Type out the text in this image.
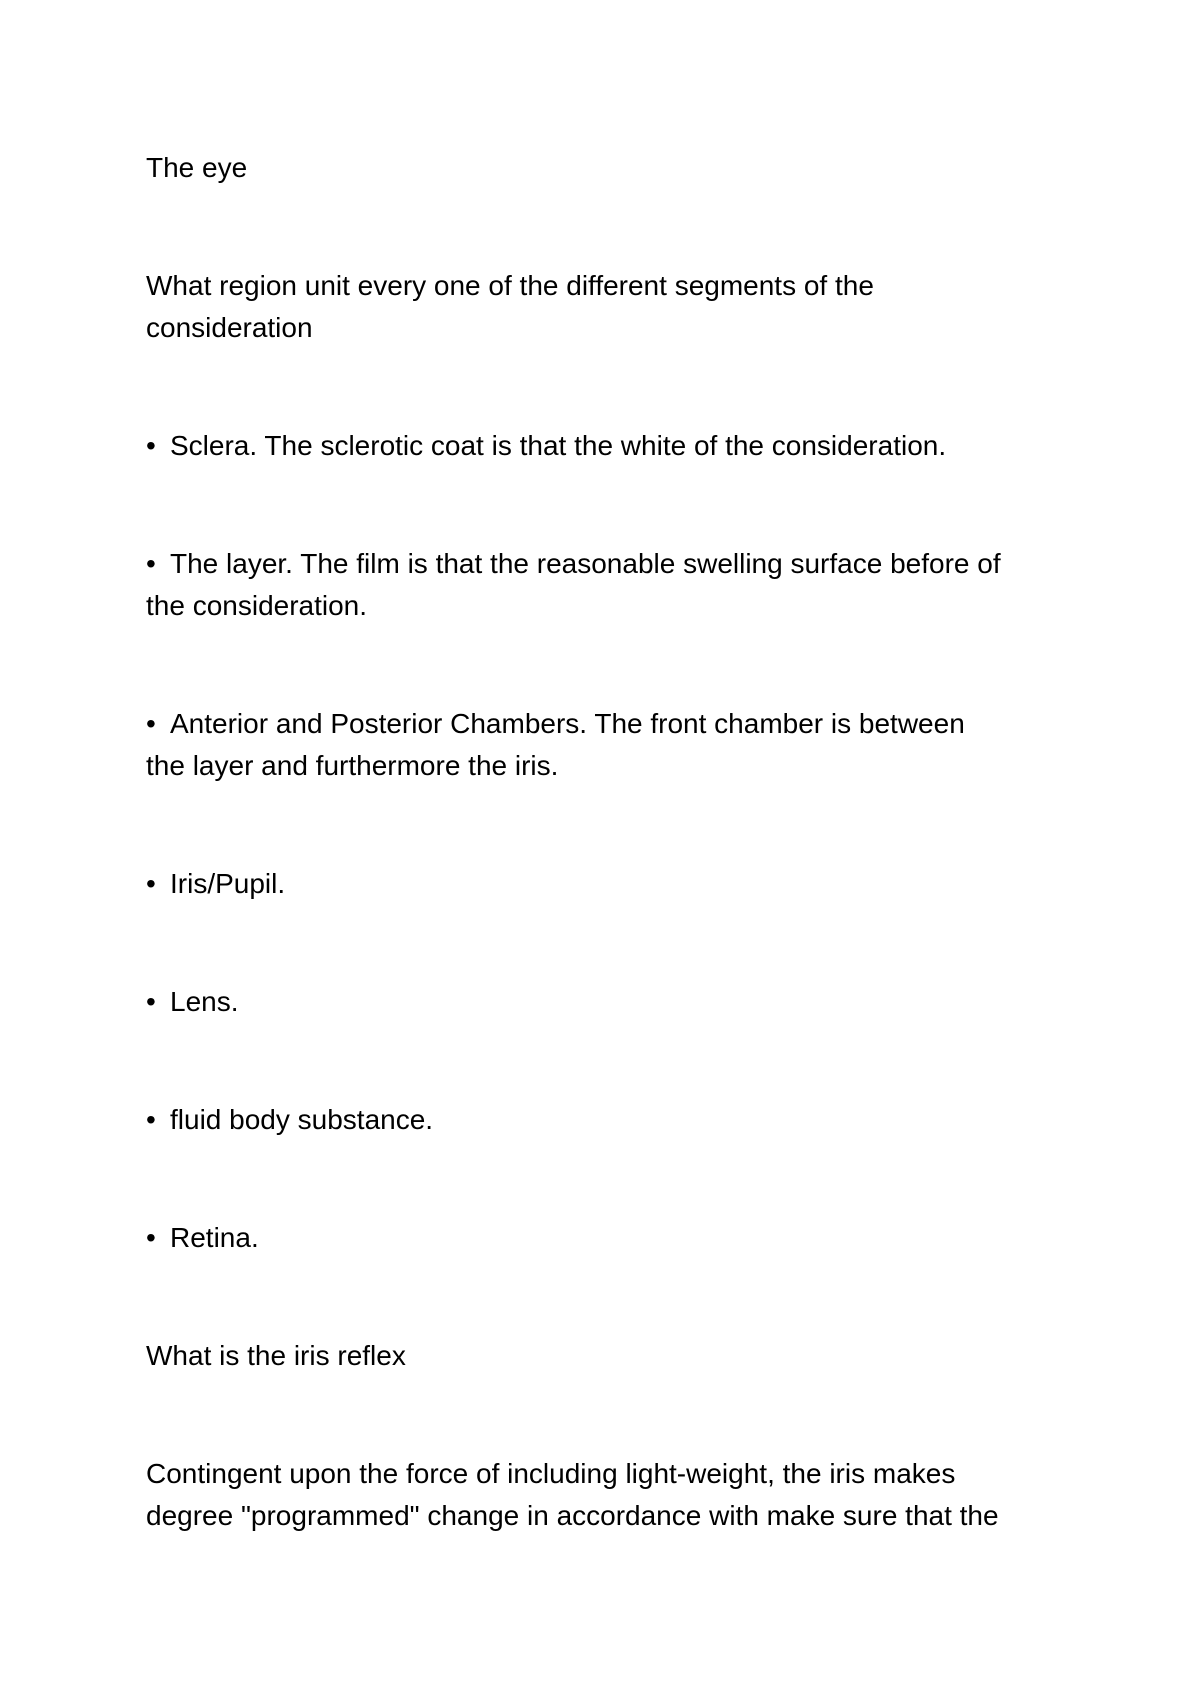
The eye

What region unit every one of the different segments of the

consideration

• Sclera. The sclerotic coat is that the white of the consideration.

• The layer. The film is that the reasonable swelling surface before of

the consideration.

• Anterior and Posterior Chambers. The front chamber is between

the layer and furthermore the iris.

• Iris/Pupil.

• Lens.

• fluid body substance.

• Retina.

What is the iris reflex

Contingent upon the force of including light-weight, the iris makes

degree "programmed" change in accordance with make sure that the
